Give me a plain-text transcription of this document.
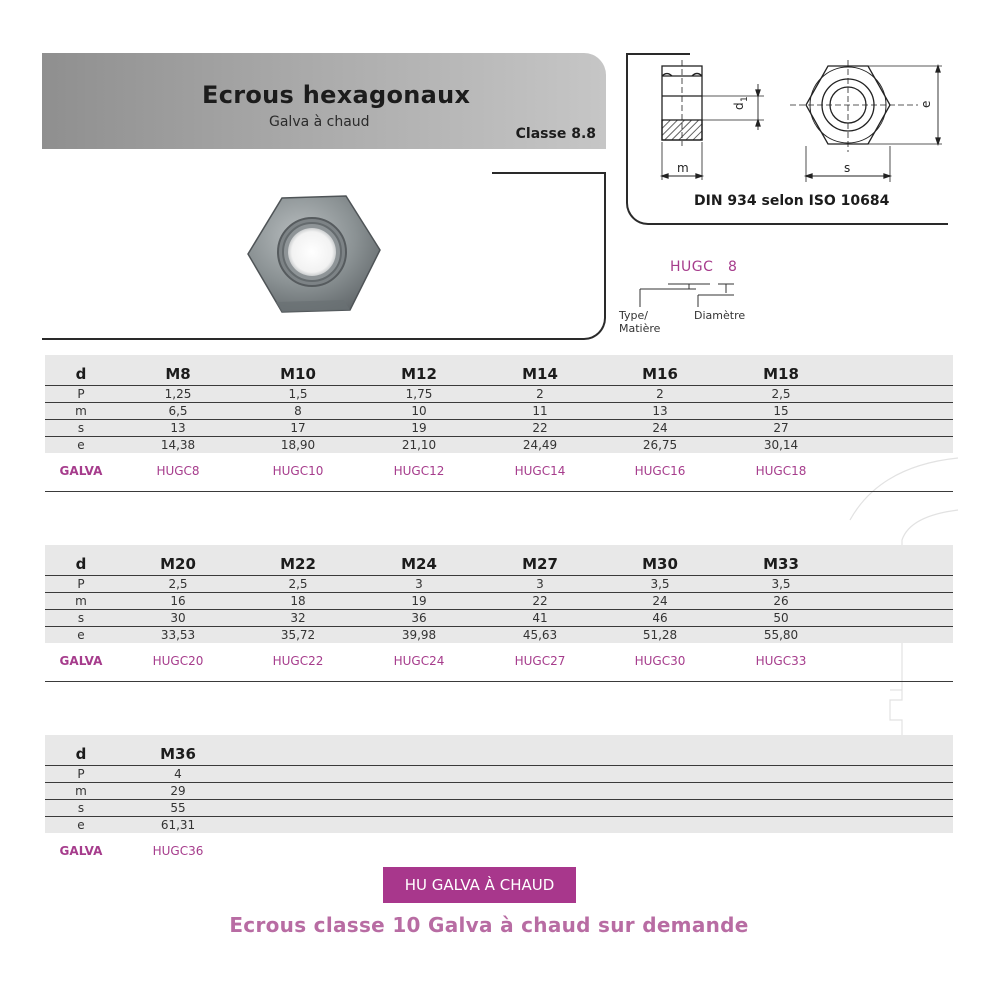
Ecrous hexagonaux
Galva à chaud
Classe 8.8
m
d
1
s
e
DIN 934 selon ISO 10684
HUGC 8
Type/
Matière
Diamètre
d	M8	M10	M12	M14	M16	M18
P	1,25	1,5	1,75	2	2	2,5
m	6,5	8	10	11	13	15
s	13	17	19	22	24	27
e	14,38	18,90	21,10	24,49	26,75	30,14
GALVA	HUGC8	HUGC10	HUGC12	HUGC14	HUGC16	HUGC18
d	M20	M22	M24	M27	M30	M33
P	2,5	2,5	3	3	3,5	3,5
m	16	18	19	22	24	26
s	30	32	36	41	46	50
e	33,53	35,72	39,98	45,63	51,28	55,80
GALVA	HUGC20	HUGC22	HUGC24	HUGC27	HUGC30	HUGC33
d	M36
P	4
m	29
s	55
e	61,31
GALVA	HUGC36
HU GALVA À CHAUD
Ecrous classe 10 Galva à chaud sur demande
